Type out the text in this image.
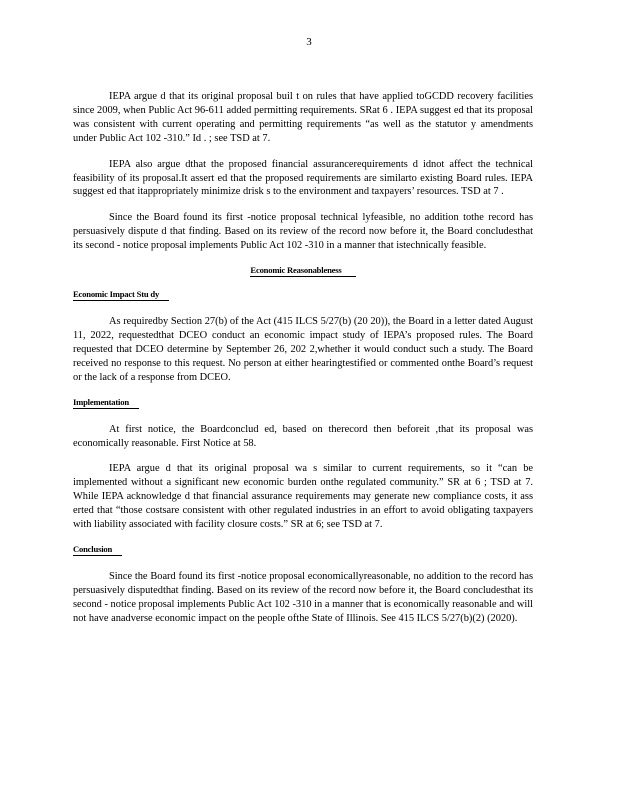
3

IEPA argue d that its original proposal buil t on rules that have applied toGCDD recovery facilities since 2009, when Public Act 96-611 added permitting requirements. SRat 6 . IEPA suggest ed that its proposal was consistent with current operating and permitting requirements “as well as the statutor y amendments under Public Act 102 -310.” Id . ; see TSD at 7.

IEPA also argue dthat the proposed financial assurancerequirements d idnot affect the technical feasibility of its proposal.It assert ed that the proposed requirements are similarto existing Board rules. IEPA suggest ed that itappropriately minimize drisk s to the environment and taxpayers’ resources. TSD at 7 .

Since the Board found its first -notice proposal technical lyfeasible, no addition tothe record has persuasively dispute d that finding. Based on its review of the record now before it, the Board concludesthat its second - notice proposal implements Public Act 102 -310 in a manner that istechnically feasible.

Economic Reasonableness
Economic Impact Stu dy

As requiredby Section 27(b) of the Act (415 ILCS 5/27(b) (20 20)), the Board in a letter dated August 11, 2022, requestedthat DCEO conduct an economic impact study of IEPA’s proposed rules. The Board requested that DCEO determine by September 26, 202 2,whether it would conduct such a study. The Board received no response to this request. No person at either hearingtestified or commented onthe Board’s request or the lack of a response from DCEO.

Implementation

At first notice, the Boardconclud ed, based on therecord then beforeit ,that its proposal was economically reasonable. First Notice at 58.

IEPA argue d that its original proposal wa s similar to current requirements, so it “can be implemented without a significant new economic burden onthe regulated community.” SR at 6 ; TSD at 7. While IEPA acknowledge d that financial assurance requirements may generate new compliance costs, it ass erted that “those costsare consistent with other regulated industries in an effort to avoid obligating taxpayers with liability associated with facility closure costs.” SR at 6; see TSD at 7.

Conclusion

Since the Board found its first -notice proposal economicallyreasonable, no addition to the record has persuasively disputedthat finding. Based on its review of the record now before it, the Board concludesthat its second - notice proposal implements Public Act 102 -310 in a manner that is economically reasonable and will not have anadverse economic impact on the people ofthe State of Illinois. See 415 ILCS 5/27(b)(2) (2020).
